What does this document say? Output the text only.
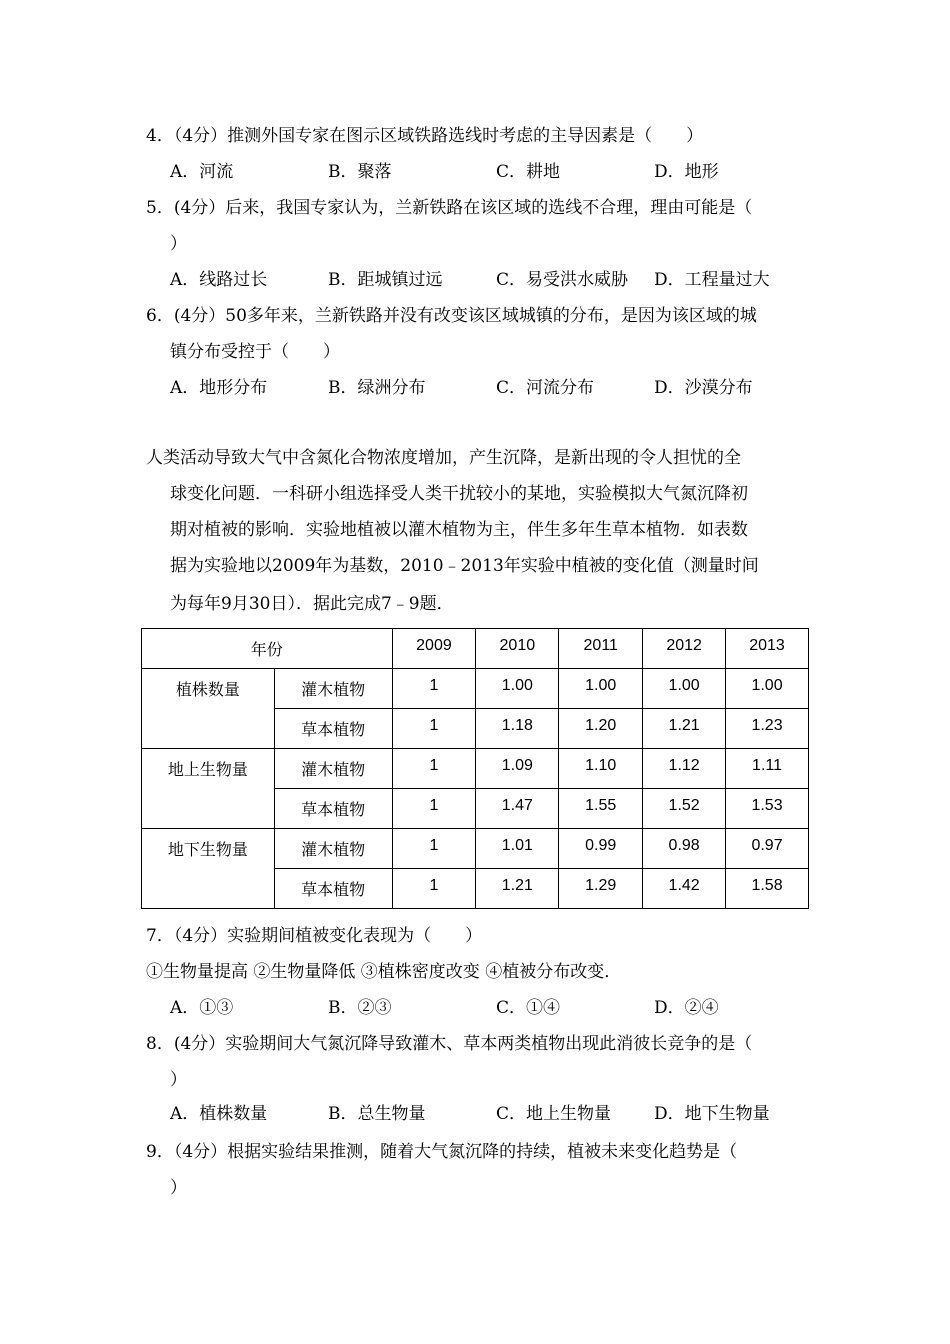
4．（4分）推测外国专家在图示区域铁路选线时考虑的主导因素是（　　）
A．河流	B．聚落	C．耕地	D．地形
5．(4分）后来，我国专家认为，兰新铁路在该区域的选线不合理，理由可能是（
）
A．线路过长	B．距城镇过远	C．易受洪水威胁 D．工程量过大
6．(4分）50多年来，兰新铁路并没有改变该区域城镇的分布，是因为该区域的城
镇分布受控于（　　）
A．地形分布	B．绿洲分布	C．河流分布	D．沙漠分布
人类活动导致大气中含氮化合物浓度增加，产生沉降，是新出现的令人担忧的全
球变化问题．一科研小组选择受人类干扰较小的某地，实验模拟大气氮沉降初
期对植被的影响．实验地植被以灌木植物为主，伴生多年生草本植物．如表数
据为实验地以2009年为基数，2010﹣2013年实验中植被的变化值（测量时间
为每年9月30日）．据此完成7﹣9题．
年份		2009	2010	2011	2012	2013
植株数量	灌木植物	1	1.00	1.00	1.00	1.00
	草本植物	1	1.18	1.20	1.21	1.23
地上生物量	灌木植物	1	1.09	1.10	1.12	1.11
	草本植物	1	1.47	1.55	1.52	1.53
地下生物量	灌木植物	1	1.01	0.99	0.98	0.97
	草本植物	1	1.21	1.29	1.42	1.58
7．（4分）实验期间植被变化表现为（　　）
①生物量提高 ②生物量降低 ③植株密度改变 ④植被分布改变．
A．①③	B．②③	C．①④	D．②④
8．(4分）实验期间大气氮沉降导致灌木、草本两类植物出现此消彼长竞争的是（
）
A．植株数量	B．总生物量	C．地上生物量	D．地下生物量
9．（4分）根据实验结果推测，随着大气氮沉降的持续，植被未来变化趋势是（
）
